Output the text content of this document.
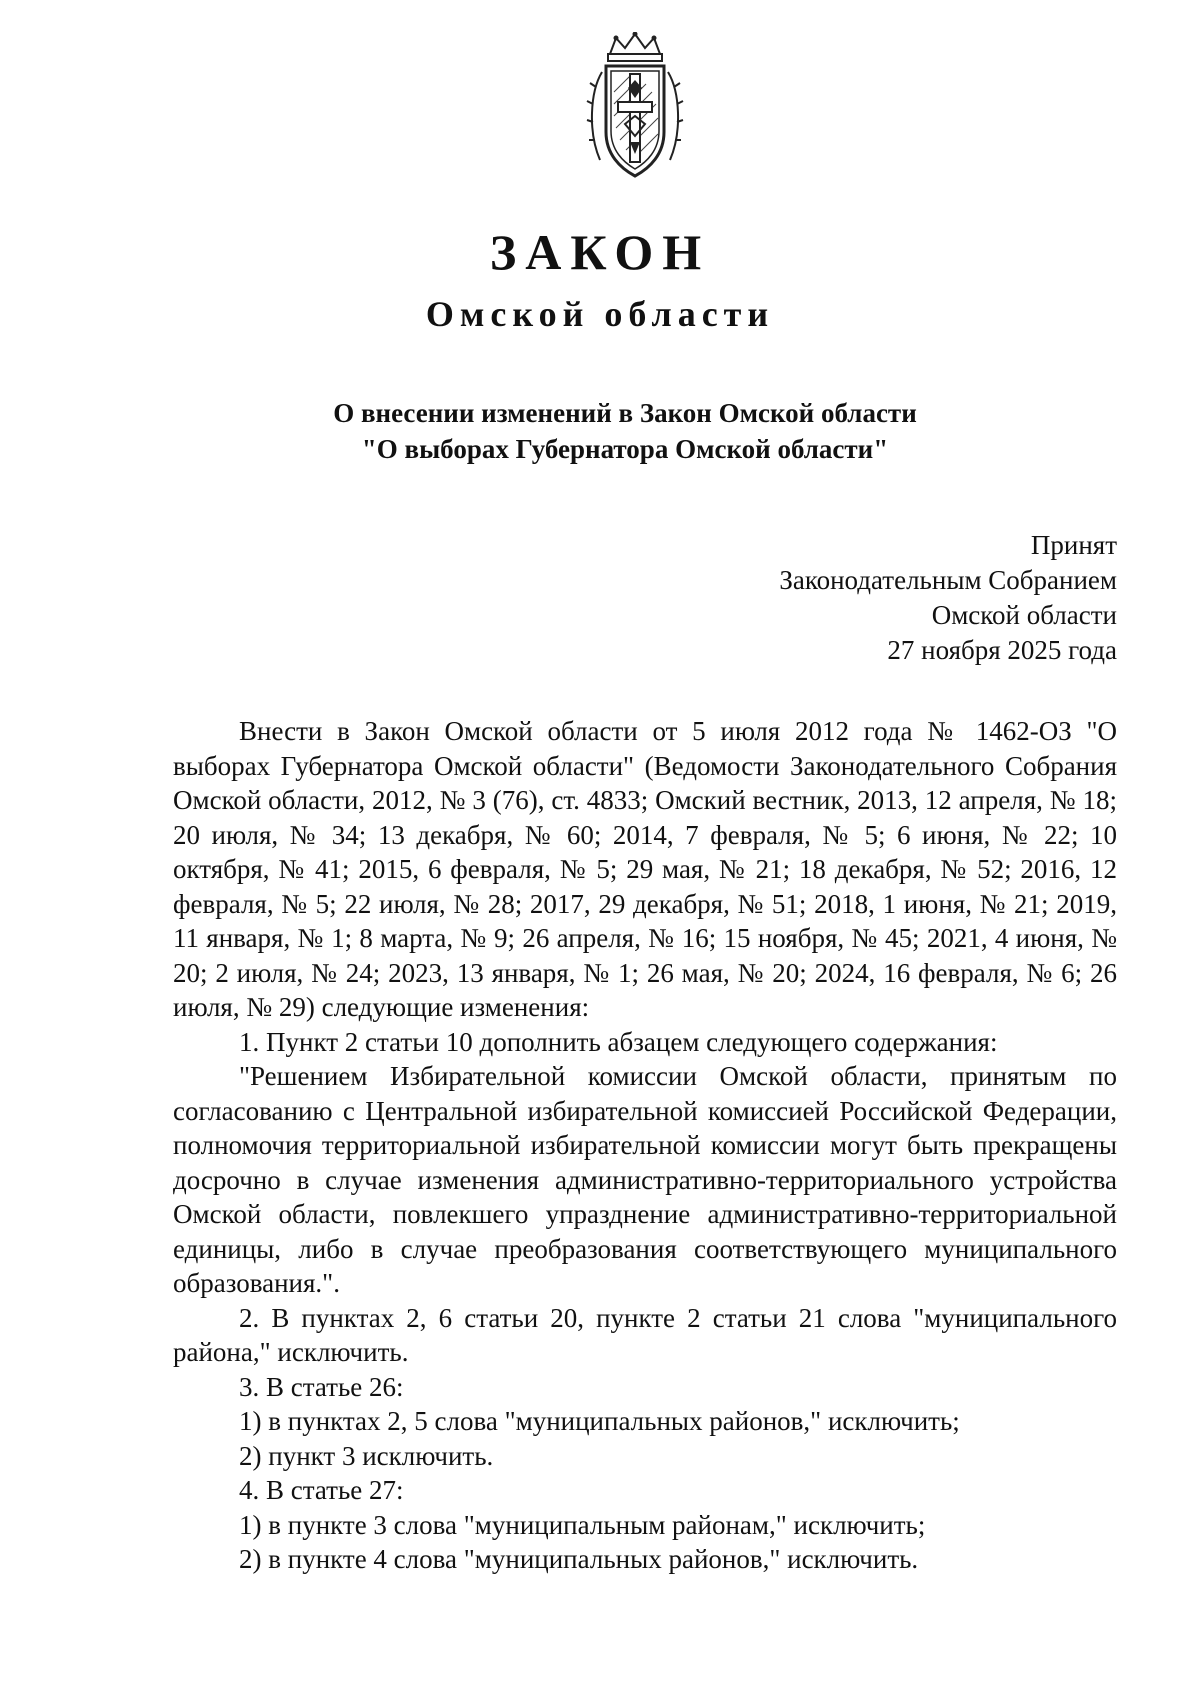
ЗАКОН
Омской области
О внесении изменений в Закон Омской области
"О выборах Губернатора Омской области"
Принят
Законодательным Собранием
Омской области
27 ноября 2025 года

Внести в Закон Омской области от 5 июля 2012 года № 1462-ОЗ "О выборах Губернатора Омской области" (Ведомости Законодательного Собрания Омской области, 2012, № 3 (76), ст. 4833; Омский вестник, 2013, 12 апреля, № 18; 20 июля, № 34; 13 декабря, № 60; 2014, 7 февраля, № 5; 6 июня, № 22; 10 октября, № 41; 2015, 6 февраля, № 5; 29 мая, № 21; 18 декабря, № 52; 2016, 12 февраля, № 5; 22 июля, № 28; 2017, 29 декабря, № 51; 2018, 1 июня, № 21; 2019, 11 января, № 1; 8 марта, № 9; 26 апреля, № 16; 15 ноября, № 45; 2021, 4 июня, № 20; 2 июля, № 24; 2023, 13 января, № 1; 26 мая, № 20; 2024, 16 февраля, № 6; 26 июля, № 29) следующие изменения:

1. Пункт 2 статьи 10 дополнить абзацем следующего содержания:

"Решением Избирательной комиссии Омской области, принятым по согласованию с Центральной избирательной комиссией Российской Федерации, полномочия территориальной избирательной комиссии могут быть прекращены досрочно в случае изменения административно-территориального устройства Омской области, повлекшего упразднение административно-территориальной единицы, либо в случае преобразования соответствующего муниципального образования.".

2. В пунктах 2, 6 статьи 20, пункте 2 статьи 21 слова "муниципального района," исключить.

3. В статье 26:

1) в пунктах 2, 5 слова "муниципальных районов," исключить;

2) пункт 3 исключить.

4. В статье 27:

1) в пункте 3 слова "муниципальным районам," исключить;

2) в пункте 4 слова "муниципальных районов," исключить.
